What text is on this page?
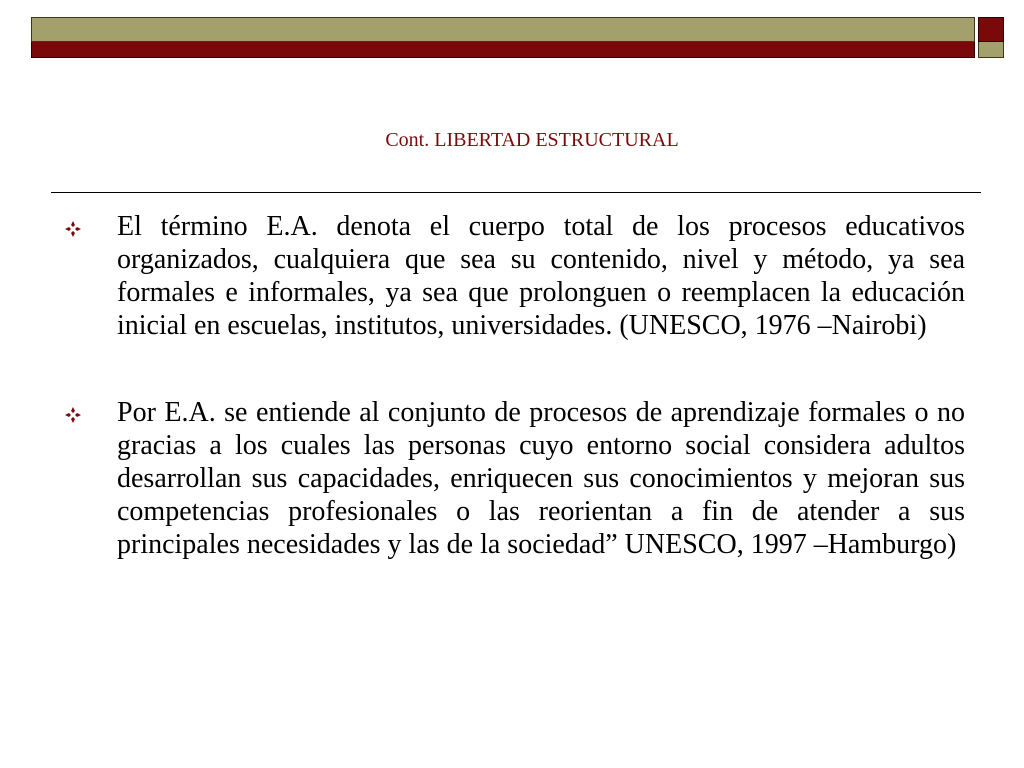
Cont. LIBERTAD ESTRUCTURAL
El término E.A. denota el cuerpo total de los procesos educativos organizados, cualquiera que sea su contenido, nivel y método, ya sea formales e informales, ya sea que prolonguen o reemplacen la educación inicial en escuelas, institutos, universidades. (UNESCO, 1976 –Nairobi)
Por E.A. se entiende al conjunto de procesos de aprendizaje formales o no gracias a los cuales las personas cuyo entorno social considera adultos desarrollan sus capacidades, enriquecen sus conocimientos y mejoran sus competencias profesionales o las reorientan a fin de atender a sus principales necesidades y las de la sociedad” UNESCO, 1997 –Hamburgo)
